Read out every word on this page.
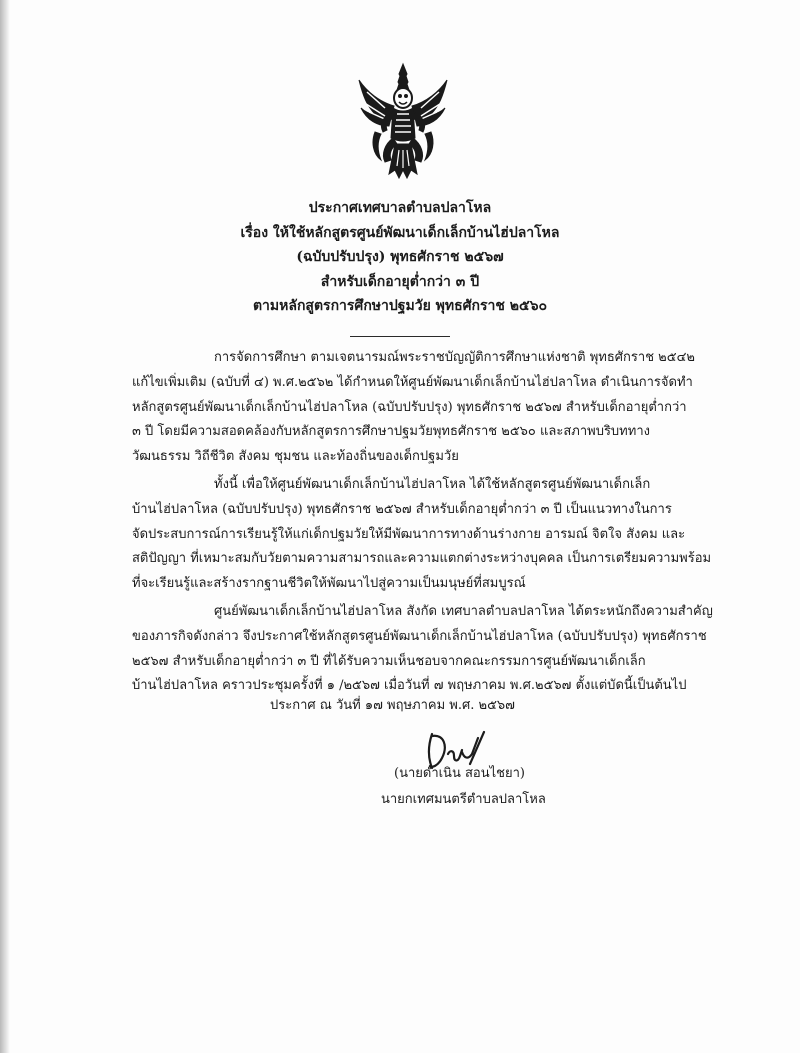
ประกาศเทศบาลตำบลปลาโหล
เรื่อง ให้ใช้หลักสูตรศูนย์พัฒนาเด็กเล็กบ้านไฮ่ปลาโหล
(ฉบับปรับปรุง) พุทธศักราช ๒๕๖๗
สำหรับเด็กอายุต่ำกว่า ๓ ปี
ตามหลักสูตรการศึกษาปฐมวัย พุทธศักราช ๒๕๖๐
การจัดการศึกษา ตามเจตนารมณ์พระราชบัญญัติการศึกษาแห่งชาติ พุทธศักราช ๒๕๔๒
แก้ไขเพิ่มเติม (ฉบับที่ ๔) พ.ศ.๒๕๖๒ ได้กำหนดให้ศูนย์พัฒนาเด็กเล็กบ้านไฮ่ปลาโหล ดำเนินการจัดทำ
หลักสูตรศูนย์พัฒนาเด็กเล็กบ้านไฮ่ปลาโหล (ฉบับปรับปรุง) พุทธศักราช ๒๕๖๗ สำหรับเด็กอายุต่ำกว่า
๓ ปี โดยมีความสอดคล้องกับหลักสูตรการศึกษาปฐมวัยพุทธศักราช ๒๕๖๐ และสภาพบริบททาง
วัฒนธรรม วิถีชีวิต สังคม ชุมชน และท้องถิ่นของเด็กปฐมวัย
ทั้งนี้ เพื่อให้ศูนย์พัฒนาเด็กเล็กบ้านไฮ่ปลาโหล ได้ใช้หลักสูตรศูนย์พัฒนาเด็กเล็ก
บ้านไฮ่ปลาโหล (ฉบับปรับปรุง) พุทธศักราช ๒๕๖๗ สำหรับเด็กอายุต่ำกว่า ๓ ปี เป็นแนวทางในการ
จัดประสบการณ์การเรียนรู้ให้แก่เด็กปฐมวัยให้มีพัฒนาการทางด้านร่างกาย อารมณ์ จิตใจ สังคม และ
สติปัญญา ที่เหมาะสมกับวัยตามความสามารถและความแตกต่างระหว่างบุคคล เป็นการเตรียมความพร้อม
ที่จะเรียนรู้และสร้างรากฐานชีวิตให้พัฒนาไปสู่ความเป็นมนุษย์ที่สมบูรณ์
ศูนย์พัฒนาเด็กเล็กบ้านไฮ่ปลาโหล สังกัด เทศบาลตำบลปลาโหล ได้ตระหนักถึงความสำคัญ
ของภารกิจดังกล่าว จึงประกาศใช้หลักสูตรศูนย์พัฒนาเด็กเล็กบ้านไฮ่ปลาโหล (ฉบับปรับปรุง) พุทธศักราช
๒๕๖๗ สำหรับเด็กอายุต่ำกว่า ๓ ปี ที่ได้รับความเห็นชอบจากคณะกรรมการศูนย์พัฒนาเด็กเล็ก
บ้านไฮ่ปลาโหล คราวประชุมครั้งที่ ๑ /๒๕๖๗ เมื่อวันที่ ๗ พฤษภาคม พ.ศ.๒๕๖๗ ตั้งแต่บัดนี้เป็นต้นไป
ประกาศ ณ วันที่ ๑๗ พฤษภาคม พ.ศ. ๒๕๖๗
(นายดำเนิน สอนไชยา)
นายกเทศมนตรีตำบลปลาโหล
